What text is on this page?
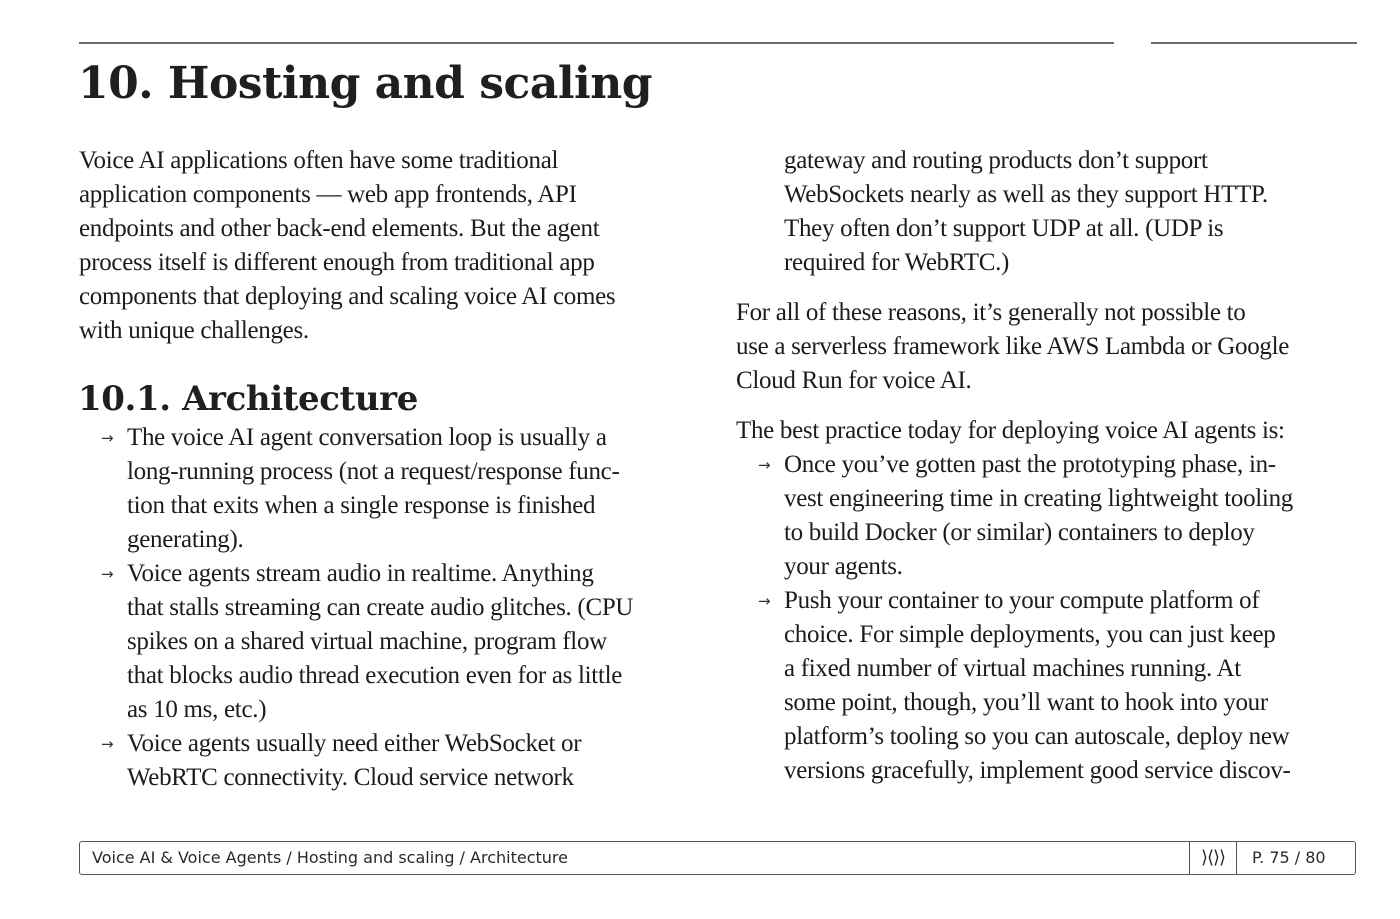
10. Hosting and scaling

Voice AI applications often have some traditional

application components — web app frontends, API

endpoints and other back-end elements. But the agent

process itself is different enough from traditional app

components that deploying and scaling voice AI comes

with unique challenges.

10.1. Architecture
→ The voice AI agent conversation loop is usually a
long-running process (not a request/response func-
tion that exits when a single response is finished
generating).
→ Voice agents stream audio in realtime. Anything
that stalls streaming can create audio glitches. (CPU
spikes on a shared virtual machine, program flow
that blocks audio thread execution even for as little
as 10 ms, etc.)
→ Voice agents usually need either WebSocket or
WebRTC connectivity. Cloud service network

gateway and routing products don’t support

WebSockets nearly as well as they support HTTP.

They often don’t support UDP at all. (UDP is

required for WebRTC.)

For all of these reasons, it’s generally not possible to

use a serverless framework like AWS Lambda or Google

Cloud Run for voice AI.

The best practice today for deploying voice AI agents is:

→ Once you’ve gotten past the prototyping phase, in-
vest engineering time in creating lightweight tooling
to build Docker (or similar) containers to deploy
your agents.
→ Push your container to your compute platform of
choice. For simple deployments, you can just keep
a fixed number of virtual machines running. At
some point, though, you’ll want to hook into your
platform’s tooling so you can autoscale, deploy new
versions gracefully, implement good service discov-
Voice AI & Voice Agents / Hosting and scaling / Architecture	⟩⟨⟩⟩	P. 75 / 80
